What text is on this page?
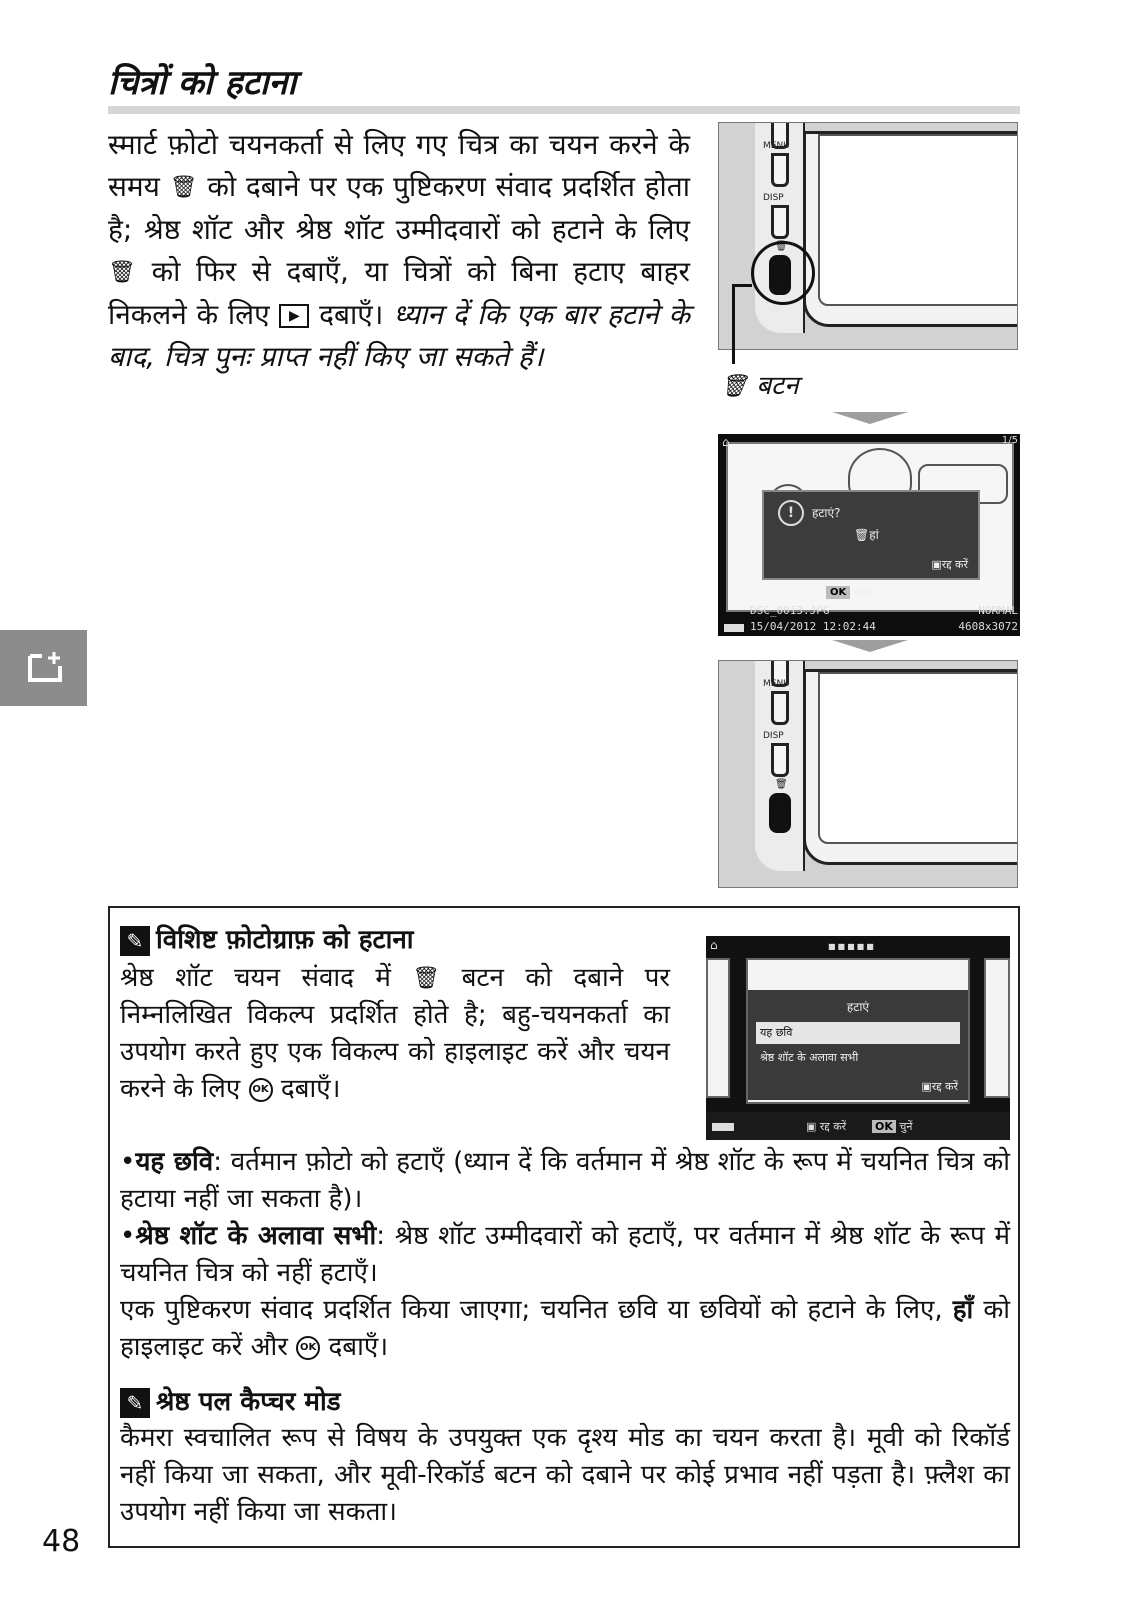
चित्रों को हटाना
स्मार्ट फ़ोटो चयनकर्ता से लिए गए चित्र का चयन करने के समय 🗑 को दबाने पर एक पुष्टिकरण संवाद प्रदर्शित होता है; श्रेष्ठ शॉट और श्रेष्ठ शॉट उम्मीदवारों को हटाने के लिए 🗑 को फिर से दबाएँ, या चित्रों को बिना हटाए बाहर निकलने के लिए ▶ दबाएँ। ध्यान दें कि एक बार हटाने के बाद, चित्र पुनः प्राप्त नहीं किए जा सकते हैं।
MENU
DISP
🗑
🗑 बटन
⌂	1/5
!	हटाएं?
🗑हां
▣रद्द करें
OK दृश्य
DSC_0013.JPG
15/04/2012 12:02:44
NORMAL
4608x3072
MENU
DISP
🗑
✎ विशिष्ट फ़ोटोग्राफ़ को हटाना
श्रेष्ठ शॉट चयन संवाद में 🗑 बटन को दबाने पर निम्नलिखित विकल्प प्रदर्शित होते है; बहु-चयनकर्ता का उपयोग करते हुए एक विकल्प को हाइलाइट करें और चयन करने के लिए OK दबाएँ।
•यह छवि: वर्तमान फ़ोटो को हटाएँ (ध्यान दें कि वर्तमान में श्रेष्ठ शॉट के रूप में चयनित चित्र को हटाया नहीं जा सकता है)।
•श्रेष्ठ शॉट के अलावा सभी: श्रेष्ठ शॉट उम्मीदवारों को हटाएँ, पर वर्तमान में श्रेष्ठ शॉट के रूप में चयनित चित्र को नहीं हटाएँ।
एक पुष्टिकरण संवाद प्रदर्शित किया जाएगा; चयनित छवि या छवियों को हटाने के लिए, हाँ को हाइलाइट करें और OK दबाएँ।
✎ श्रेष्ठ पल कैप्चर मोड
कैमरा स्वचालित रूप से विषय के उपयुक्त एक दृश्य मोड का चयन करता है। मूवी को रिकॉर्ड नहीं किया जा सकता, और मूवी-रिकॉर्ड बटन को दबाने पर कोई प्रभाव नहीं पड़ता है। फ़्लैश का उपयोग नहीं किया जा सकता।
⌂	■■■■■
हटाएं
यह छवि
श्रेष्ठ शॉट के अलावा सभी
▣रद्द करें
▣ रद्द करें	OK चुनें
48
